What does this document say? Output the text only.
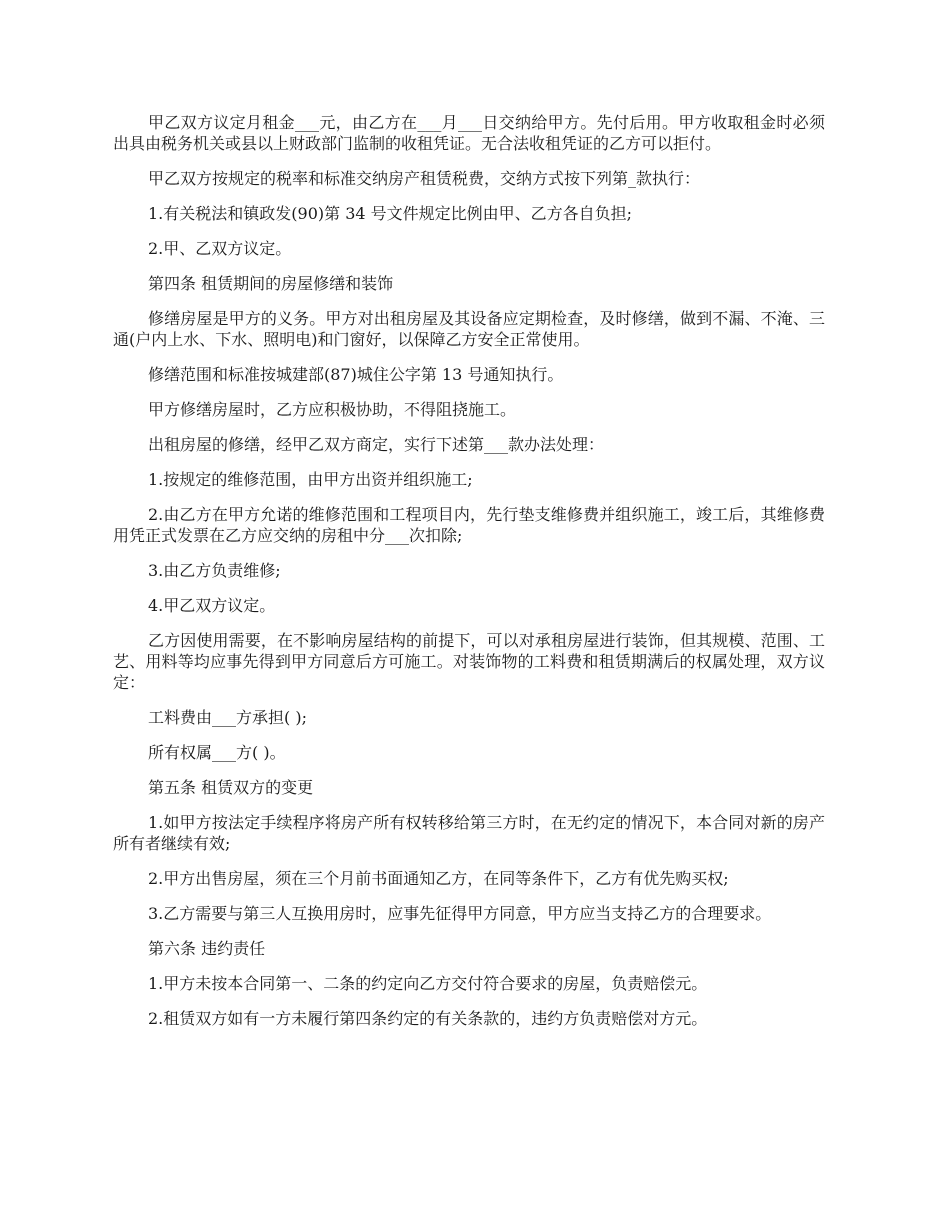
甲乙双方议定月租金___元，由乙方在___月___日交纳给甲方。先付后用。甲方收取租金时必须出具由税务机关或县以上财政部门监制的收租凭证。无合法收租凭证的乙方可以拒付。

甲乙双方按规定的税率和标准交纳房产租赁税费，交纳方式按下列第_款执行：

1.有关税法和镇政发(90)第 34 号文件规定比例由甲、乙方各自负担;

2.甲、乙双方议定。

第四条 租赁期间的房屋修缮和装饰

修缮房屋是甲方的义务。甲方对出租房屋及其设备应定期检查，及时修缮，做到不漏、不淹、三通(户内上水、下水、照明电)和门窗好，以保障乙方安全正常使用。

修缮范围和标准按城建部(87)城住公字第 13 号通知执行。

甲方修缮房屋时，乙方应积极协助，不得阻挠施工。

出租房屋的修缮，经甲乙双方商定，实行下述第___款办法处理：

1.按规定的维修范围，由甲方出资并组织施工;

2.由乙方在甲方允诺的维修范围和工程项目内，先行垫支维修费并组织施工，竣工后，其维修费用凭正式发票在乙方应交纳的房租中分___次扣除;

3.由乙方负责维修;

4.甲乙双方议定。

乙方因使用需要，在不影响房屋结构的前提下，可以对承租房屋进行装饰，但其规模、范围、工艺、用料等均应事先得到甲方同意后方可施工。对装饰物的工料费和租赁期满后的权属处理，双方议定：

工料费由___方承担( );

所有权属___方( )。

第五条 租赁双方的变更

1.如甲方按法定手续程序将房产所有权转移给第三方时，在无约定的情况下，本合同对新的房产所有者继续有效;

2.甲方出售房屋，须在三个月前书面通知乙方，在同等条件下，乙方有优先购买权;

3.乙方需要与第三人互换用房时，应事先征得甲方同意，甲方应当支持乙方的合理要求。

第六条 违约责任

1.甲方未按本合同第一、二条的约定向乙方交付符合要求的房屋，负责赔偿元。

2.租赁双方如有一方未履行第四条约定的有关条款的，违约方负责赔偿对方元。
